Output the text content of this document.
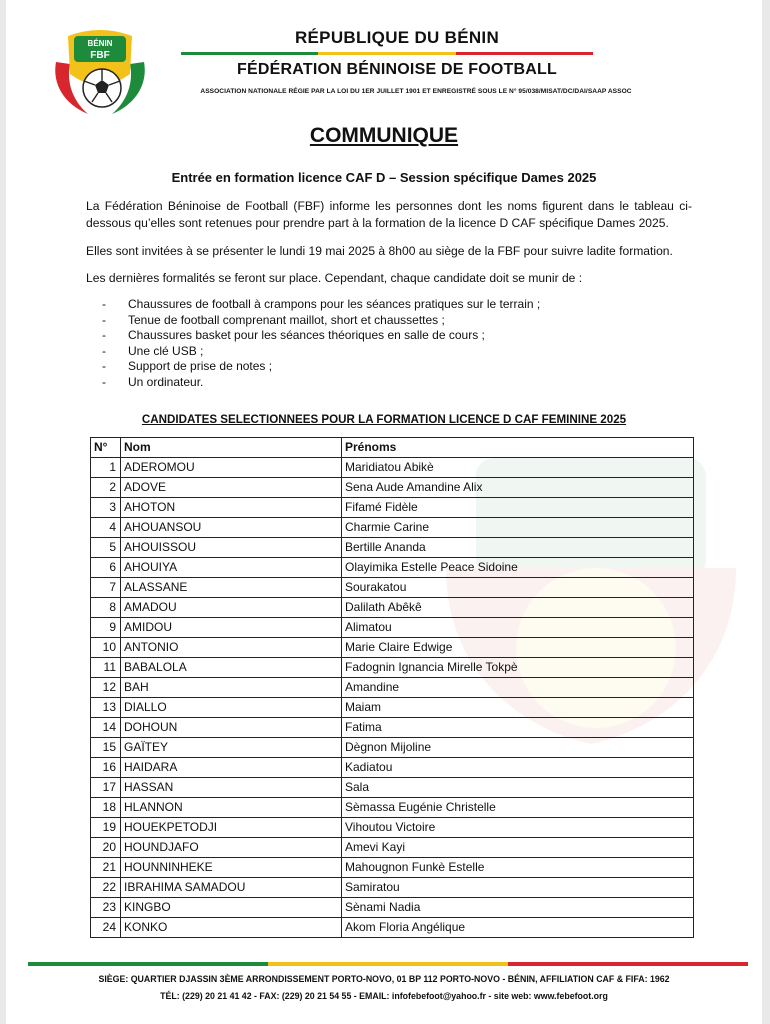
BÉNIN
FBF
RÉPUBLIQUE DU BÉNIN
FÉDÉRATION BÉNINOISE DE FOOTBALL
ASSOCIATION NATIONALE RÉGIE PAR LA LOI DU 1ER JUILLET 1901 ET ENREGISTRÉ SOUS LE N° 95/038/MISAT/DC/DAI/SAAP ASSOC
COMMUNIQUE
Entrée en formation licence CAF D – Session spécifique Dames 2025
La Fédération Béninoise de Football (FBF) informe les personnes dont les noms figurent dans le tableau ci-dessous qu’elles sont retenues pour prendre part à la formation de la licence D CAF spécifique Dames 2025.
Elles sont invitées à se présenter le lundi 19 mai 2025 à 8h00 au siège de la FBF pour suivre ladite formation.
Les dernières formalités se feront sur place. Cependant, chaque candidate doit se munir de :
- Chaussures de football à crampons pour les séances pratiques sur le terrain ;
- Tenue de football comprenant maillot, short et chaussettes ;
- Chaussures basket pour les séances théoriques en salle de cours ;
- Une clé USB ;
- Support de prise de notes ;
- Un ordinateur.
CANDIDATES SELECTIONNEES POUR LA FORMATION LICENCE D CAF FEMININE 2025
N°	Nom	Prénoms
1	ADEROMOU	Maridiatou Abikè
2	ADOVE	Sena Aude Amandine Alix
3	AHOTON	Fifamé Fidèle
4	AHOUANSOU	Charmie Carine
5	AHOUISSOU	Bertille Ananda
6	AHOUIYA	Olayimika Estelle Peace Sidoine
7	ALASSANE	Sourakatou
8	AMADOU	Dalilath Abêkê
9	AMIDOU	Alimatou
10	ANTONIO	Marie Claire Edwige
11	BABALOLA	Fadognin Ignancia Mirelle Tokpè
12	BAH	Amandine
13	DIALLO	Maiam
14	DOHOUN	Fatima
15	GAÏTEY	Dègnon Mijoline
16	HAIDARA	Kadiatou
17	HASSAN	Sala
18	HLANNON	Sèmassa Eugénie Christelle
19	HOUEKPETODJI	Vihoutou Victoire
20	HOUNDJAFO	Amevi Kayi
21	HOUNNINHEKE	Mahougnon Funkè Estelle
22	IBRAHIMA SAMADOU	Samiratou
23	KINGBO	Sènami Nadia
24	KONKO	Akom Floria Angélique
SIÈGE: QUARTIER DJASSIN 3ÈME ARRONDISSEMENT PORTO-NOVO, 01 BP 112 PORTO-NOVO - BÉNIN, AFFILIATION CAF & FIFA: 1962
TÉL: (229) 20 21 41 42 - FAX: (229) 20 21 54 55 - EMAIL: infofebefoot@yahoo.fr - site web: www.febefoot.org
